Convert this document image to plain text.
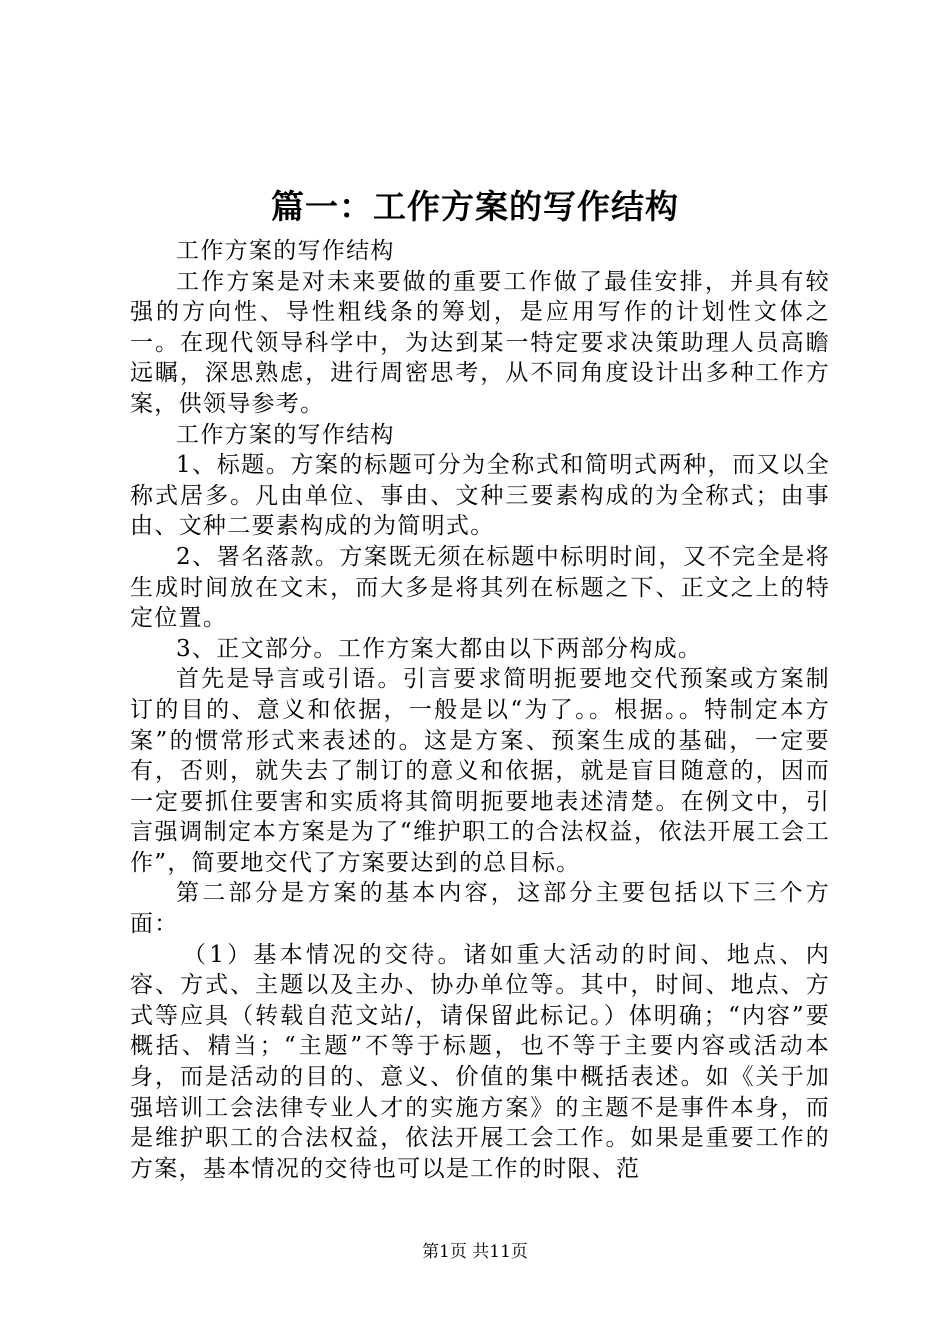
篇一：工作方案的写作结构

工作方案的写作结构

工作方案是对未来要做的重要工作做了最佳安排，并具有较强的方向性、导性粗线条的筹划，是应用写作的计划性文体之一。在现代领导科学中，为达到某一特定要求决策助理人员高瞻远瞩，深思熟虑，进行周密思考，从不同角度设计出多种工作方案，供领导参考。

工作方案的写作结构

1、标题。方案的标题可分为全称式和简明式两种，而又以全称式居多。凡由单位、事由、文种三要素构成的为全称式；由事由、文种二要素构成的为简明式。

2、署名落款。方案既无须在标题中标明时间，又不完全是将生成时间放在文末，而大多是将其列在标题之下、正文之上的特定位置。

3、正文部分。工作方案大都由以下两部分构成。

首先是导言或引语。引言要求简明扼要地交代预案或方案制订的目的、意义和依据，一般是以“为了。。根据。。特制定本方案”的惯常形式来表述的。这是方案、预案生成的基础，一定要有，否则，就失去了制订的意义和依据，就是盲目随意的，因而一定要抓住要害和实质将其简明扼要地表述清楚。在例文中，引言强调制定本方案是为了“维护职工的合法权益，依法开展工会工作”，简要地交代了方案要达到的总目标。

第二部分是方案的基本内容，这部分主要包括以下三个方面：

（1）基本情况的交待。诸如重大活动的时间、地点、内容、方式、主题以及主办、协办单位等。其中，时间、地点、方式等应具（转载自范文站/，请保留此标记。）体明确；“内容”要概括、精当；“主题”不等于标题，也不等于主要内容或活动本身，而是活动的目的、意义、价值的集中概括表述。如《关于加强培训工会法律专业人才的实施方案》的主题不是事件本身，而是维护职工的合法权益，依法开展工会工作。如果是重要工作的方案，基本情况的交待也可以是工作的时限、范

第1页 共11页
